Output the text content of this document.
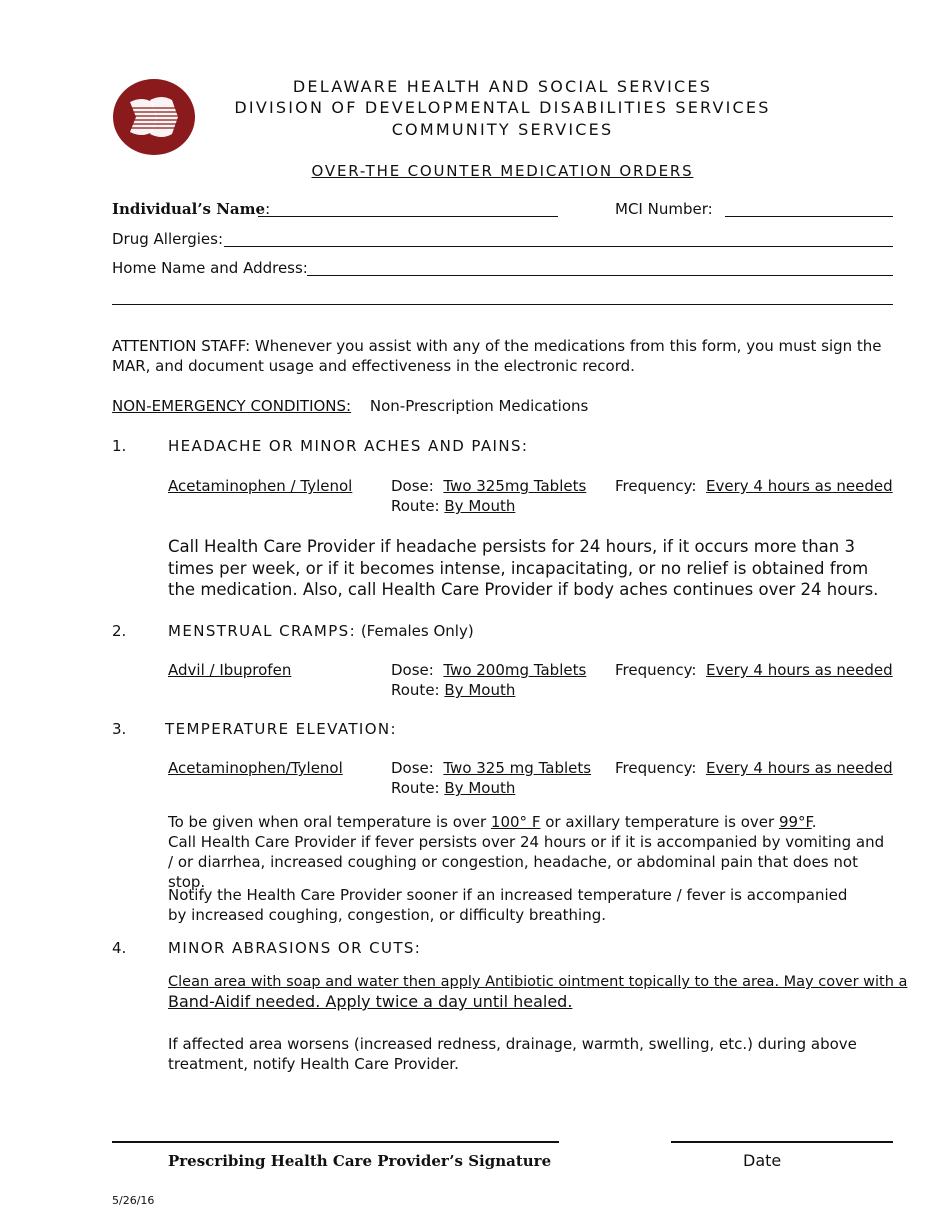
DELAWARE HEALTH AND SOCIAL SERVICES
DIVISION OF DEVELOPMENTAL DISABILITIES SERVICES
COMMUNITY SERVICES
OVER-THE COUNTER MEDICATION ORDERS
Individual’s Name:	MCI Number:
Drug Allergies:
Home Name and Address:
ATTENTION STAFF: Whenever you assist with any of the medications from this form, you must sign the MAR, and document usage and effectiveness in the electronic record.
NON-EMERGENCY CONDITIONS: Non-Prescription Medications
1.	HEADACHE OR MINOR ACHES AND PAINS:
Acetaminophen / Tylenol	Dose: Two 325mg Tablets Frequency: Every 4 hours as needed
Route: By Mouth
Call Health Care Provider if headache persists for 24 hours, if it occurs more than 3 times per week, or if it becomes intense, incapacitating, or no relief is obtained from the medication. Also, call Health Care Provider if body aches continues over 24 hours.
2.	MENSTRUAL CRAMPS: (Females Only)
Advil / Ibuprofen	Dose: Two 200mg Tablets Frequency: Every 4 hours as needed
Route: By Mouth
3.	TEMPERATURE ELEVATION:
Acetaminophen/Tylenol	Dose: Two 325 mg Tablets Frequency: Every 4 hours as needed
Route: By Mouth
To be given when oral temperature is over 100° F or axillary temperature is over 99°F.
Call Health Care Provider if fever persists over 24 hours or if it is accompanied by vomiting and / or diarrhea, increased coughing or congestion, headache, or abdominal pain that does not stop.
Notify the Health Care Provider sooner if an increased temperature / fever is accompanied by increased coughing, congestion, or difficulty breathing.
4.	MINOR ABRASIONS OR CUTS:
Clean area with soap and water then apply Antibiotic ointment topically to the area. May cover with a
Band-Aidif needed. Apply twice a day until healed.
If affected area worsens (increased redness, drainage, warmth, swelling, etc.) during above treatment, notify Health Care Provider.
Prescribing Health Care Provider’s Signature	Date
5/26/16
